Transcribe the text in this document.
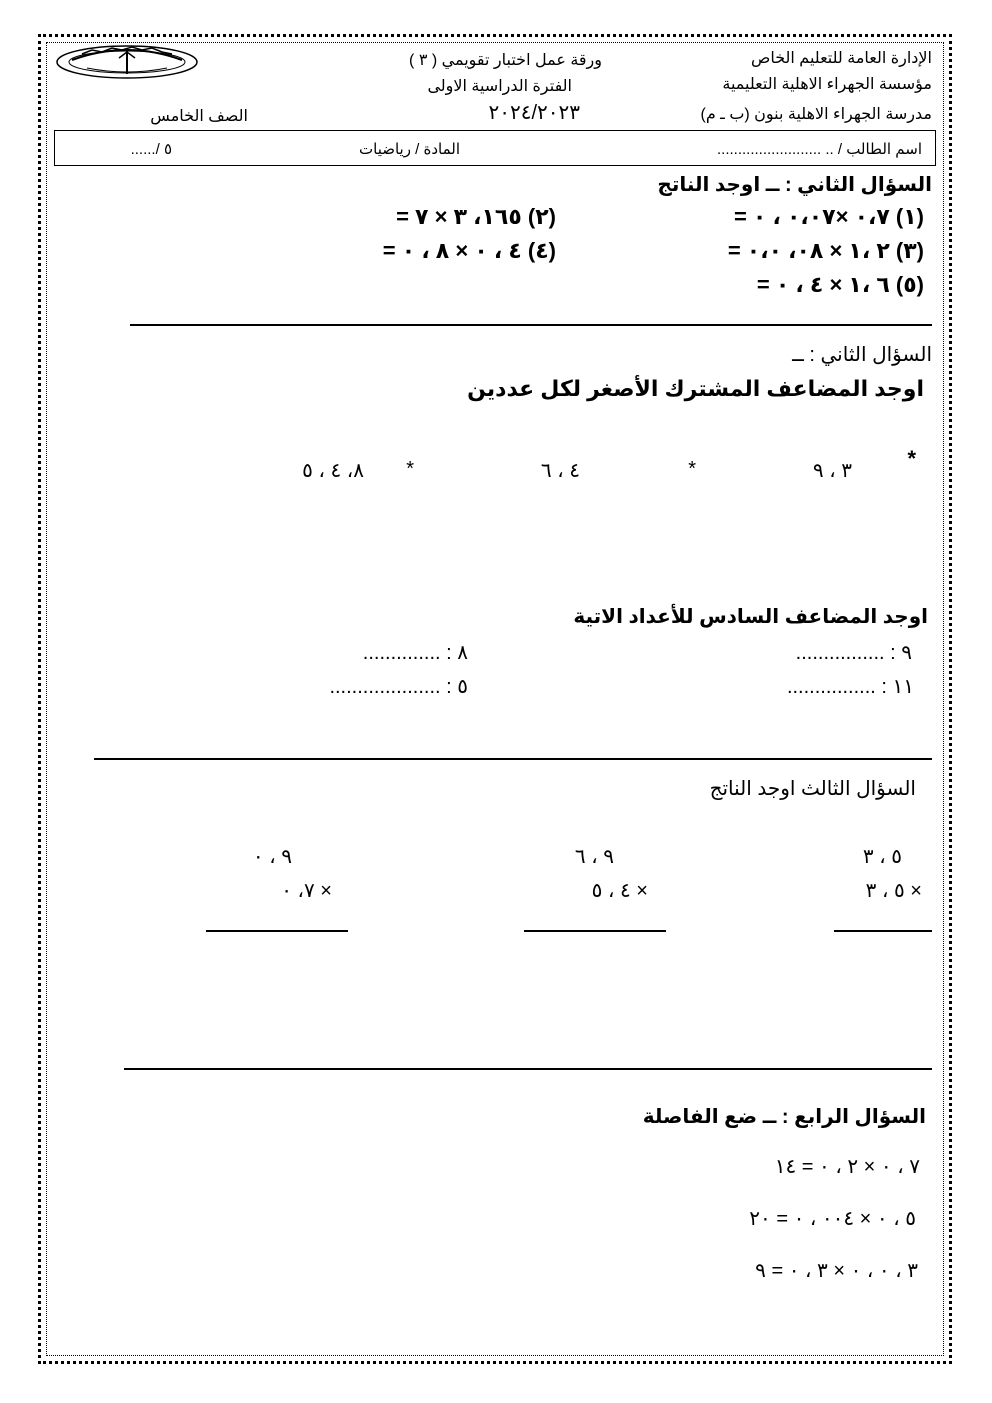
الإدارة العامة للتعليم الخاص
مؤسسة الجهراء الاهلية التعليمية
مدرسة الجهراء الاهلية بنون (ب ـ م)
ورقة عمل اختبار تقويمي ( ٣ )
الفترة الدراسية الاولى
٢٠٢٤/٢٠٢٣
الصف الخامس
اسم الطالب / .. .........................
المادة / رياضيات
٥ /......
السؤال الثاني : ــ اوجد الناتج
(١) ٠،٧ ×٠،٠٧ ، ٠ =
(٢) ١٦٥، ٣ × ٧ =
(٣) ٢ ،١ × ٠٨، ٠،٠ =
(٤) ٤ ، ٠ × ٨ ، ٠ =
(٥) ٦ ،١ × ٤ ، ٠ =
السؤال الثاني : ــ
اوجد المضاعف المشترك الأصغر لكل عددين
*
٣ ، ٩
*
٤ ، ٦
*
٨، ٤ ، ٥
اوجد المضاعف السادس للأعداد الاتية
٩ : ................
٨ : ..............
١١ : ................
٥ : ....................
السؤال الثالث اوجد الناتج
٥ ، ٣
× ٥ ، ٣
٩ ، ٦
× ٤ ، ٥
٩ ، ٠
× ٧، ٠
السؤال الرابع : ــ ضع الفاصلة
٧ ، ٠ × ٢ ، ٠ = ١٤
٥ ، ٠ × ٠٠٤ ، ٠ = ٢٠
٣ ، ٠ ، ٠ × ٣ ، ٠ = ٩
